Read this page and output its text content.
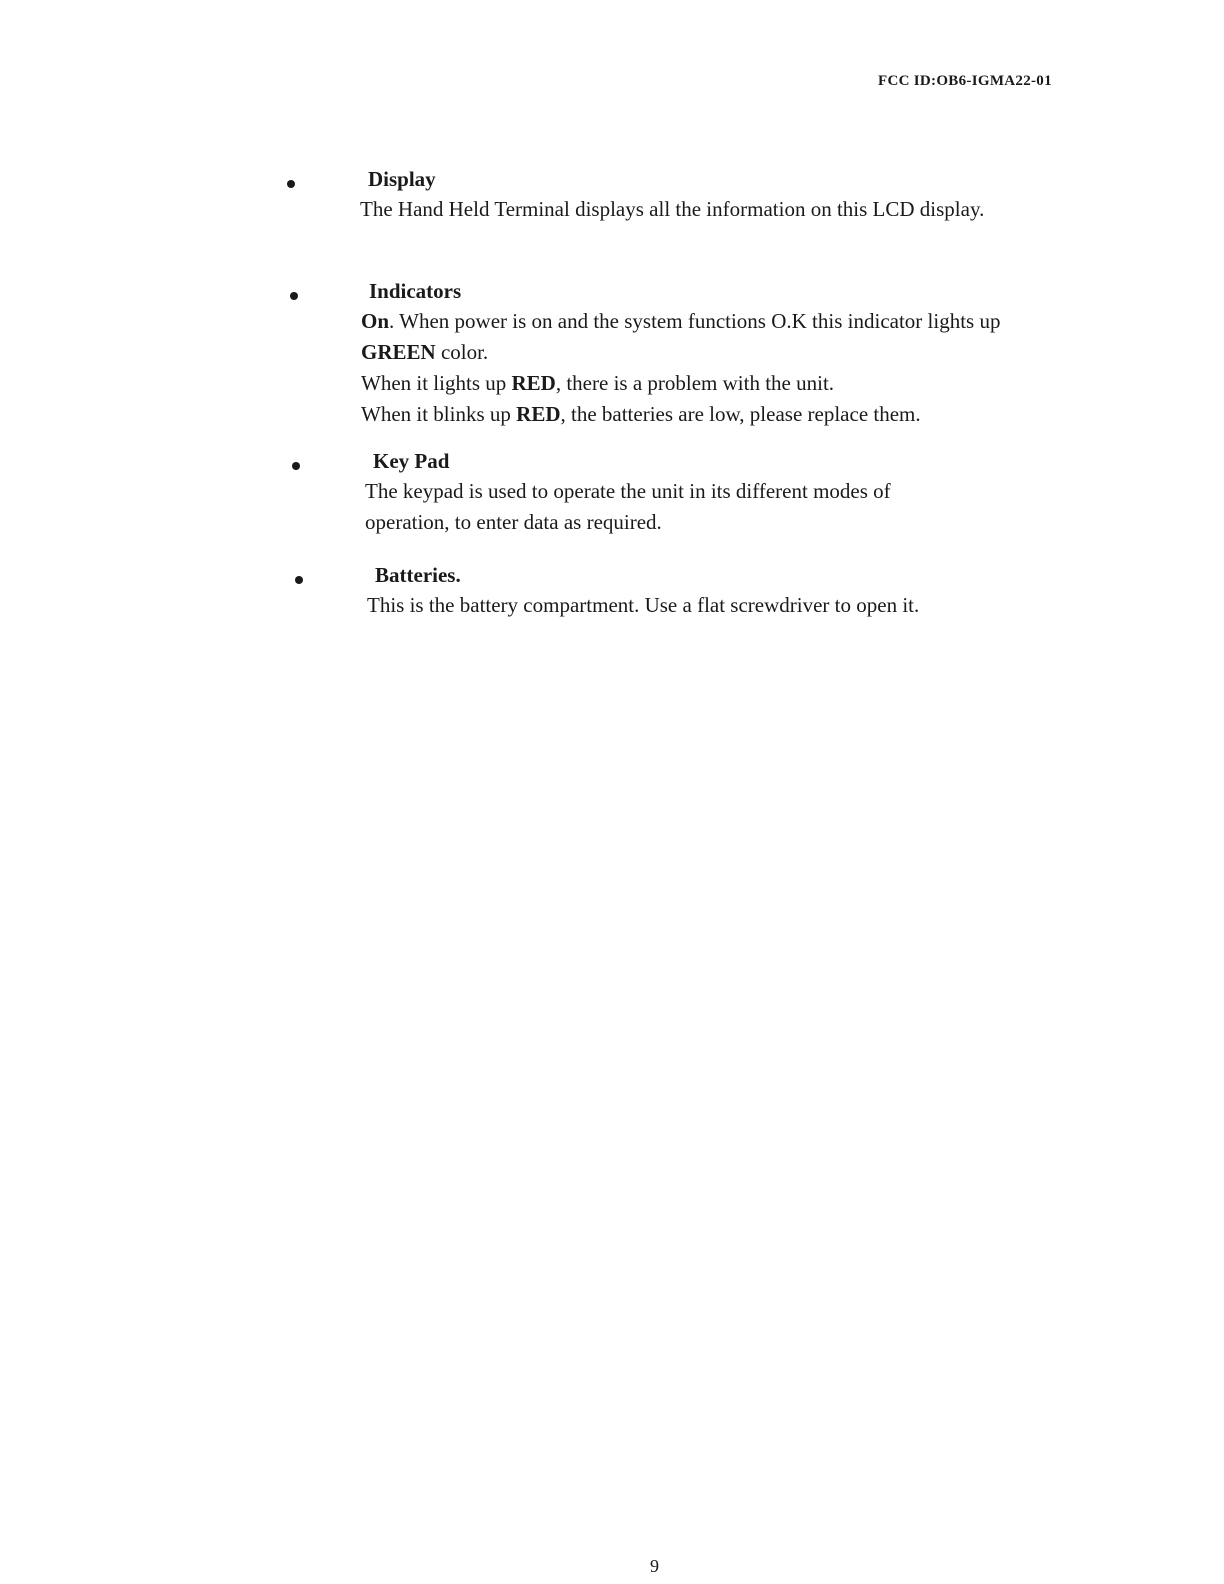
FCC ID:OB6-IGMA22-01
Display
The Hand Held Terminal displays all the information on this LCD display.
Indicators
On. When power is on and the system functions O.K this indicator lights up GREEN color.
When it lights up RED, there is a problem with the unit.
When it blinks up RED, the batteries are low, please replace them.
Key Pad
The keypad is used to operate the unit in its different modes of operation, to enter data as required.
Batteries.
This is the battery compartment. Use a flat screwdriver to open it.
9
